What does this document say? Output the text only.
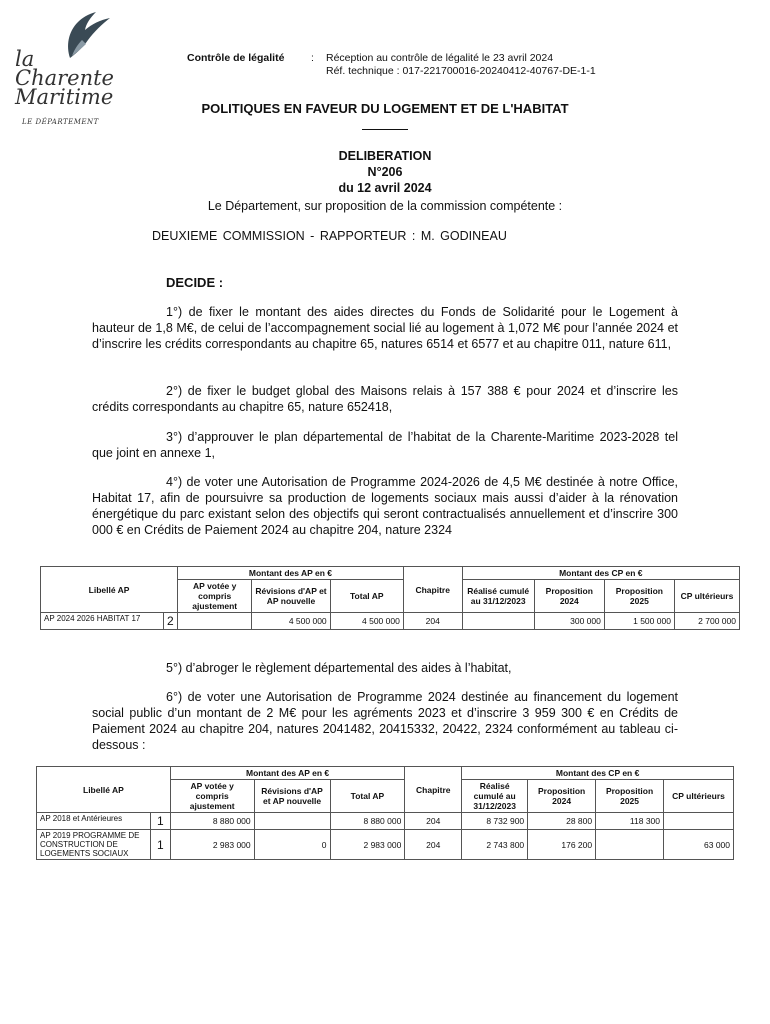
la
Charente
Maritime
LE DÉPARTEMENT
Contrôle de légalité	: Réception au contrôle de légalité le 23 avril 2024
Réf. technique : 017-221700016-20240412-40767-DE-1-1
POLITIQUES EN FAVEUR DU LOGEMENT ET DE L'HABITAT
DELIBERATION
N°206
du 12 avril 2024
Le Département, sur proposition de la commission compétente :
DEUXIEME COMMISSION - RAPPORTEUR : M. GODINEAU
DECIDE :

1°) de fixer le montant des aides directes du Fonds de Solidarité pour le Logement à hauteur de 1,8 M€, de celui de l’accompagnement social lié au logement à 1,072 M€ pour l’année 2024 et d’inscrire les crédits correspondants au chapitre 65, natures 6514 et 6577 et au chapitre 011, nature 611,

2°) de fixer le budget global des Maisons relais à 157 388 € pour 2024 et d’inscrire les crédits correspondants au chapitre 65, nature 652418,

3°) d’approuver le plan départemental de l’habitat de la Charente-Maritime 2023-2028 tel que joint en annexe 1,

4°) de voter une Autorisation de Programme 2024-2026 de 4,5 M€ destinée à notre Office, Habitat 17, afin de poursuivre sa production de logements sociaux mais aussi d’aider à la rénovation énergétique du parc existant selon des objectifs qui seront contractualisés annuellement et d’inscrire 300 000 € en Crédits de Paiement 2024 au chapitre 204, nature 2324

Libellé AP		Montant des AP en €			Chapitre	Montant des CP en €			
		AP votée y compris ajustement	Révisions d'AP et AP nouvelle	Total AP		Réalisé cumulé au 31/12/2023	Proposition 2024	Proposition 2025	CP ultérieurs
AP 2024 2026 HABITAT 17	2		4 500 000	4 500 000	204		300 000	1 500 000	2 700 000

5°) d’abroger le règlement départemental des aides à l’habitat,

6°) de voter une Autorisation de Programme 2024 destinée au financement du logement social public d’un montant de 2 M€ pour les agréments 2023 et d’inscrire 3 959 300 € en Crédits de Paiement 2024 au chapitre 204, natures 2041482, 20415332, 20422, 2324 conformément au tableau ci-dessous :

Libellé AP		Montant des AP en €			Chapitre	Montant des CP en €			
		AP votée y compris ajustement	Révisions d'AP et AP nouvelle	Total AP		Réalisé cumulé au 31/12/2023	Proposition 2024	Proposition 2025	CP ultérieurs
AP 2018 et Antérieures	1	8 880 000		8 880 000	204	8 732 900	28 800	118 300	
AP 2019 PROGRAMME DE CONSTRUCTION DE LOGEMENTS SOCIAUX	1	2 983 000	0	2 983 000	204	2 743 800	176 200		63 000
